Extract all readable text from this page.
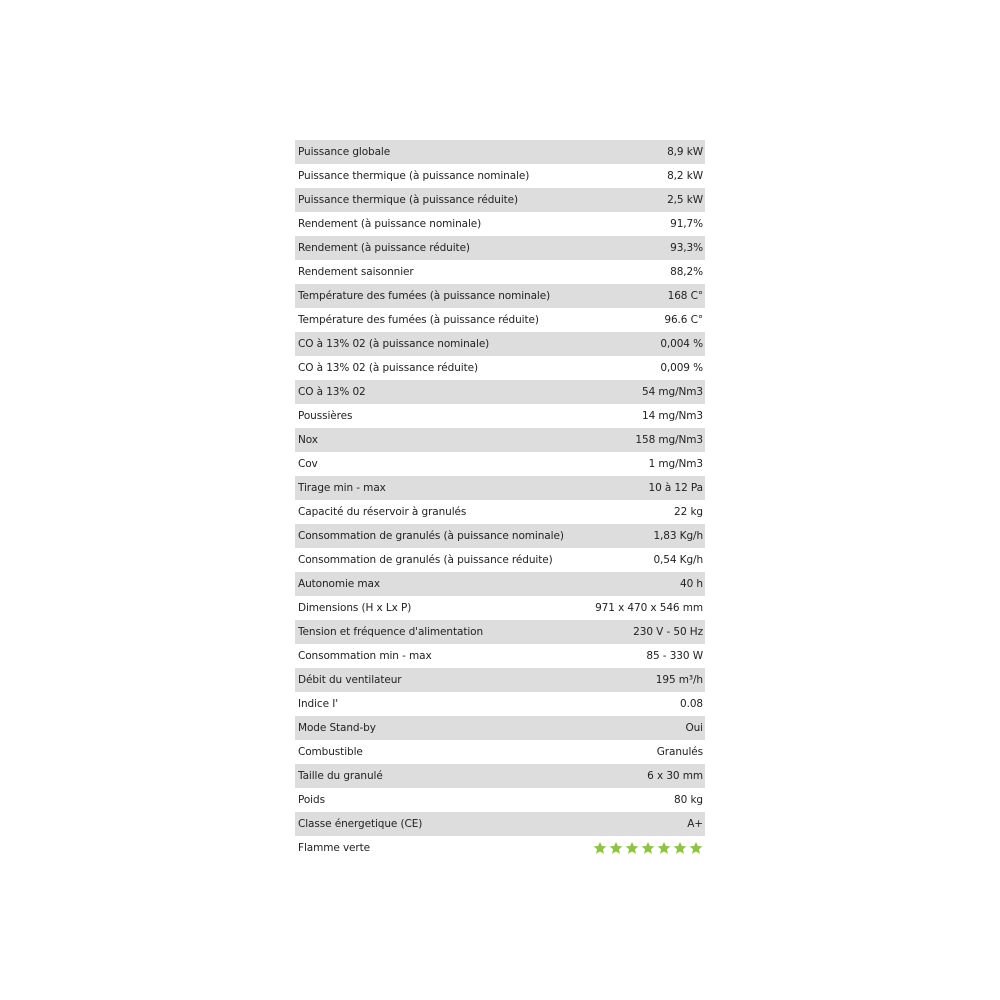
Puissance globale	8,9 kW
Puissance thermique (à puissance nominale)	8,2 kW
Puissance thermique (à puissance réduite)	2,5 kW
Rendement (à puissance nominale)	91,7%
Rendement (à puissance réduite)	93,3%
Rendement saisonnier	88,2%
Température des fumées (à puissance nominale)	168 C°
Température des fumées (à puissance réduite)	96.6 C°
CO à 13% 02 (à puissance nominale)	0,004 %
CO à 13% 02 (à puissance réduite)	0,009 %
CO à 13% 02	54 mg/Nm3
Poussières	14 mg/Nm3
Nox	158 mg/Nm3
Cov	1 mg/Nm3
Tirage min - max	10 à 12 Pa
Capacité du réservoir à granulés	22 kg
Consommation de granulés (à puissance nominale)	1,83 Kg/h
Consommation de granulés (à puissance réduite)	0,54 Kg/h
Autonomie max	40 h
Dimensions (H x Lx P)	971 x 470 x 546 mm
Tension et fréquence d'alimentation	230 V - 50 Hz
Consommation min - max	85 - 330 W
Débit du ventilateur	195 m³/h
Indice I'	0.08
Mode Stand-by	Oui
Combustible	Granulés
Taille du granulé	6 x 30 mm
Poids	80 kg
Classe énergetique (CE)	A+
Flamme verte
